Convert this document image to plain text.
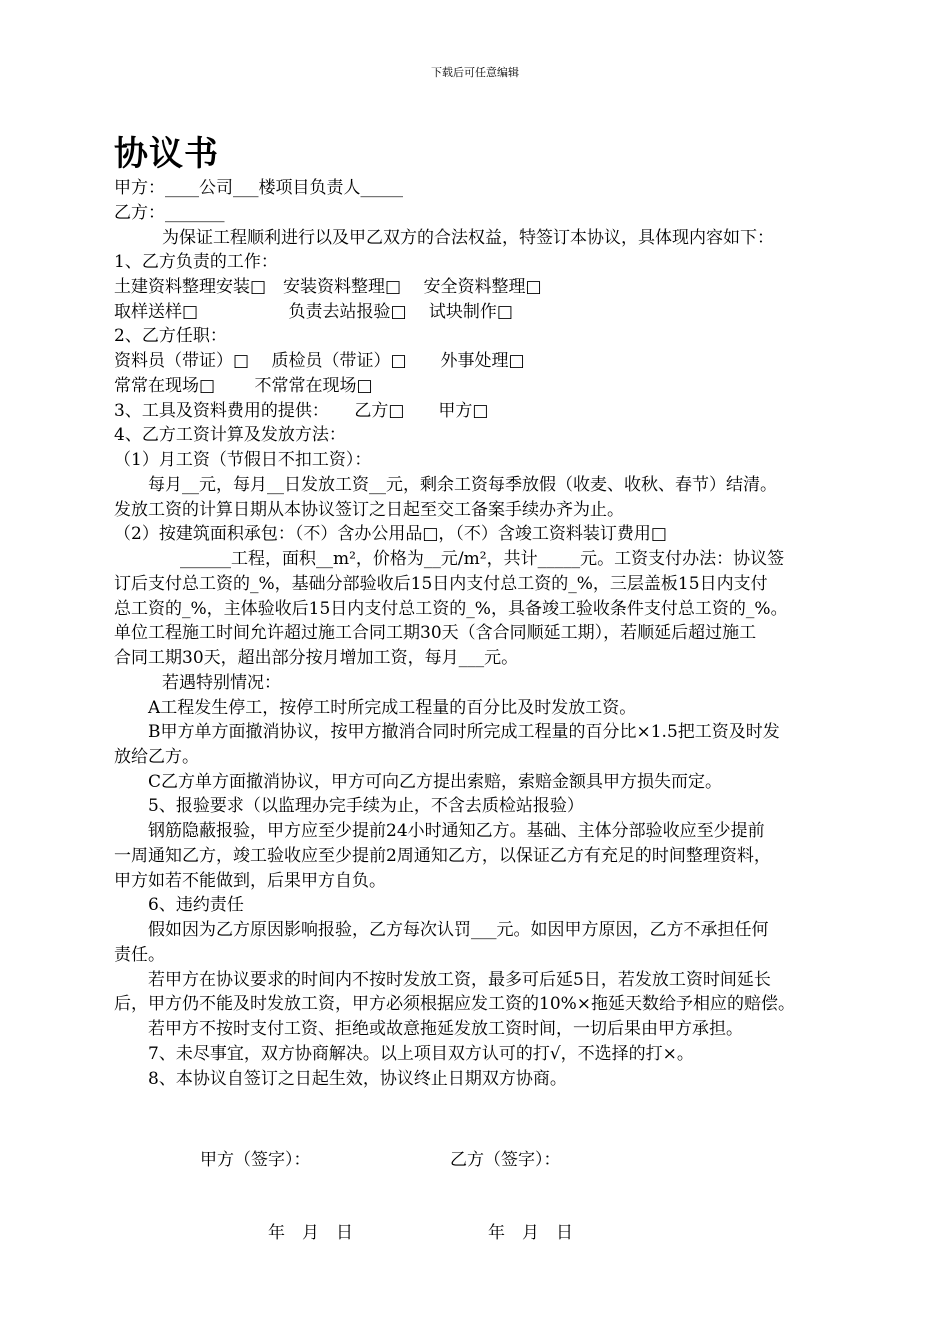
下载后可任意编辑
协议书
甲方：____公司___楼项目负责人_____
乙方：_______
为保证工程顺利进行以及甲乙双方的合法权益，特签订本协议，具体现内容如下：
1、乙方负责的工作：
土建资料整理安装□　安装资料整理□　 安全资料整理□
取样送样□　　　　　 负责去站报验□　 试块制作□
2、乙方任职：
资料员（带证）□　 质检员（带证）□　　外事处理□
常常在现场□　　 不常常在现场□
3、工具及资料费用的提供：　　乙方□　　甲方□
4、乙方工资计算及发放方法：
（1）月工资（节假日不扣工资）：
每月__元，每月__日发放工资__元，剩余工资每季放假（收麦、收秋、春节）结清。
发放工资的计算日期从本协议签订之日起至交工备案手续办齐为止。
（2）按建筑面积承包：（不）含办公用品□，（不）含竣工资料装订费用□
______工程，面积__m²，价格为__元/m²，共计_____元。工资支付办法：协议签
订后支付总工资的_%，基础分部验收后15日内支付总工资的_%，三层盖板15日内支付
总工资的_%，主体验收后15日内支付总工资的_%，具备竣工验收条件支付总工资的_%。
单位工程施工时间允许超过施工合同工期30天（含合同顺延工期），若顺延后超过施工
合同工期30天，超出部分按月增加工资，每月___元。
若遇特别情况：
A工程发生停工，按停工时所完成工程量的百分比及时发放工资。
B甲方单方面撤消协议，按甲方撤消合同时所完成工程量的百分比×1.5把工资及时发
放给乙方。
C乙方单方面撤消协议，甲方可向乙方提出索赔，索赔金额具甲方损失而定。
5、报验要求（以监理办完手续为止，不含去质检站报验）
钢筋隐蔽报验，甲方应至少提前24小时通知乙方。基础、主体分部验收应至少提前
一周通知乙方，竣工验收应至少提前2周通知乙方，以保证乙方有充足的时间整理资料，
甲方如若不能做到，后果甲方自负。
6、违约责任
假如因为乙方原因影响报验，乙方每次认罚___元。如因甲方原因，乙方不承担任何
责任。
若甲方在协议要求的时间内不按时发放工资，最多可后延5日，若发放工资时间延长
后，甲方仍不能及时发放工资，甲方必须根据应发工资的10%×拖延天数给予相应的赔偿。
若甲方不按时支付工资、拒绝或故意拖延发放工资时间，一切后果由甲方承担。
7、未尽事宜，双方协商解决。以上项目双方认可的打√，不选择的打×。
8、本协议自签订之日起生效，协议终止日期双方协商。
甲方（签字）：	乙方（签字）：
年　月　日	年　月　日
